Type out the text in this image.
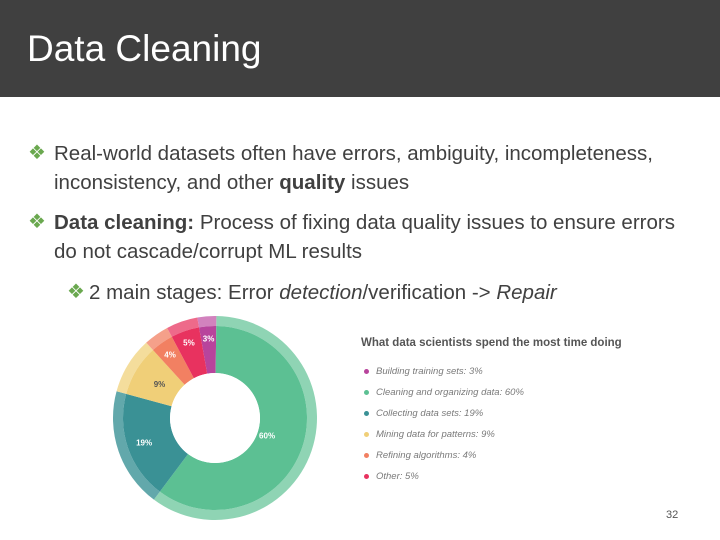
Data Cleaning
❖ Real-world datasets often have errors, ambiguity, incompleteness, inconsistency, and other quality issues
❖ Data cleaning: Process of fixing data quality issues to ensure errors do not cascade/corrupt ML results
❖ 2 main stages: Error detection/verification -> Repair
3%
60%
19%
9%
4%
5%	What data scientists spend the most time doing
Building training sets: 3%
Cleaning and organizing data: 60%
Collecting data sets: 19%
Mining data for patterns: 9%
Refining algorithms: 4%
Other: 5%
32
